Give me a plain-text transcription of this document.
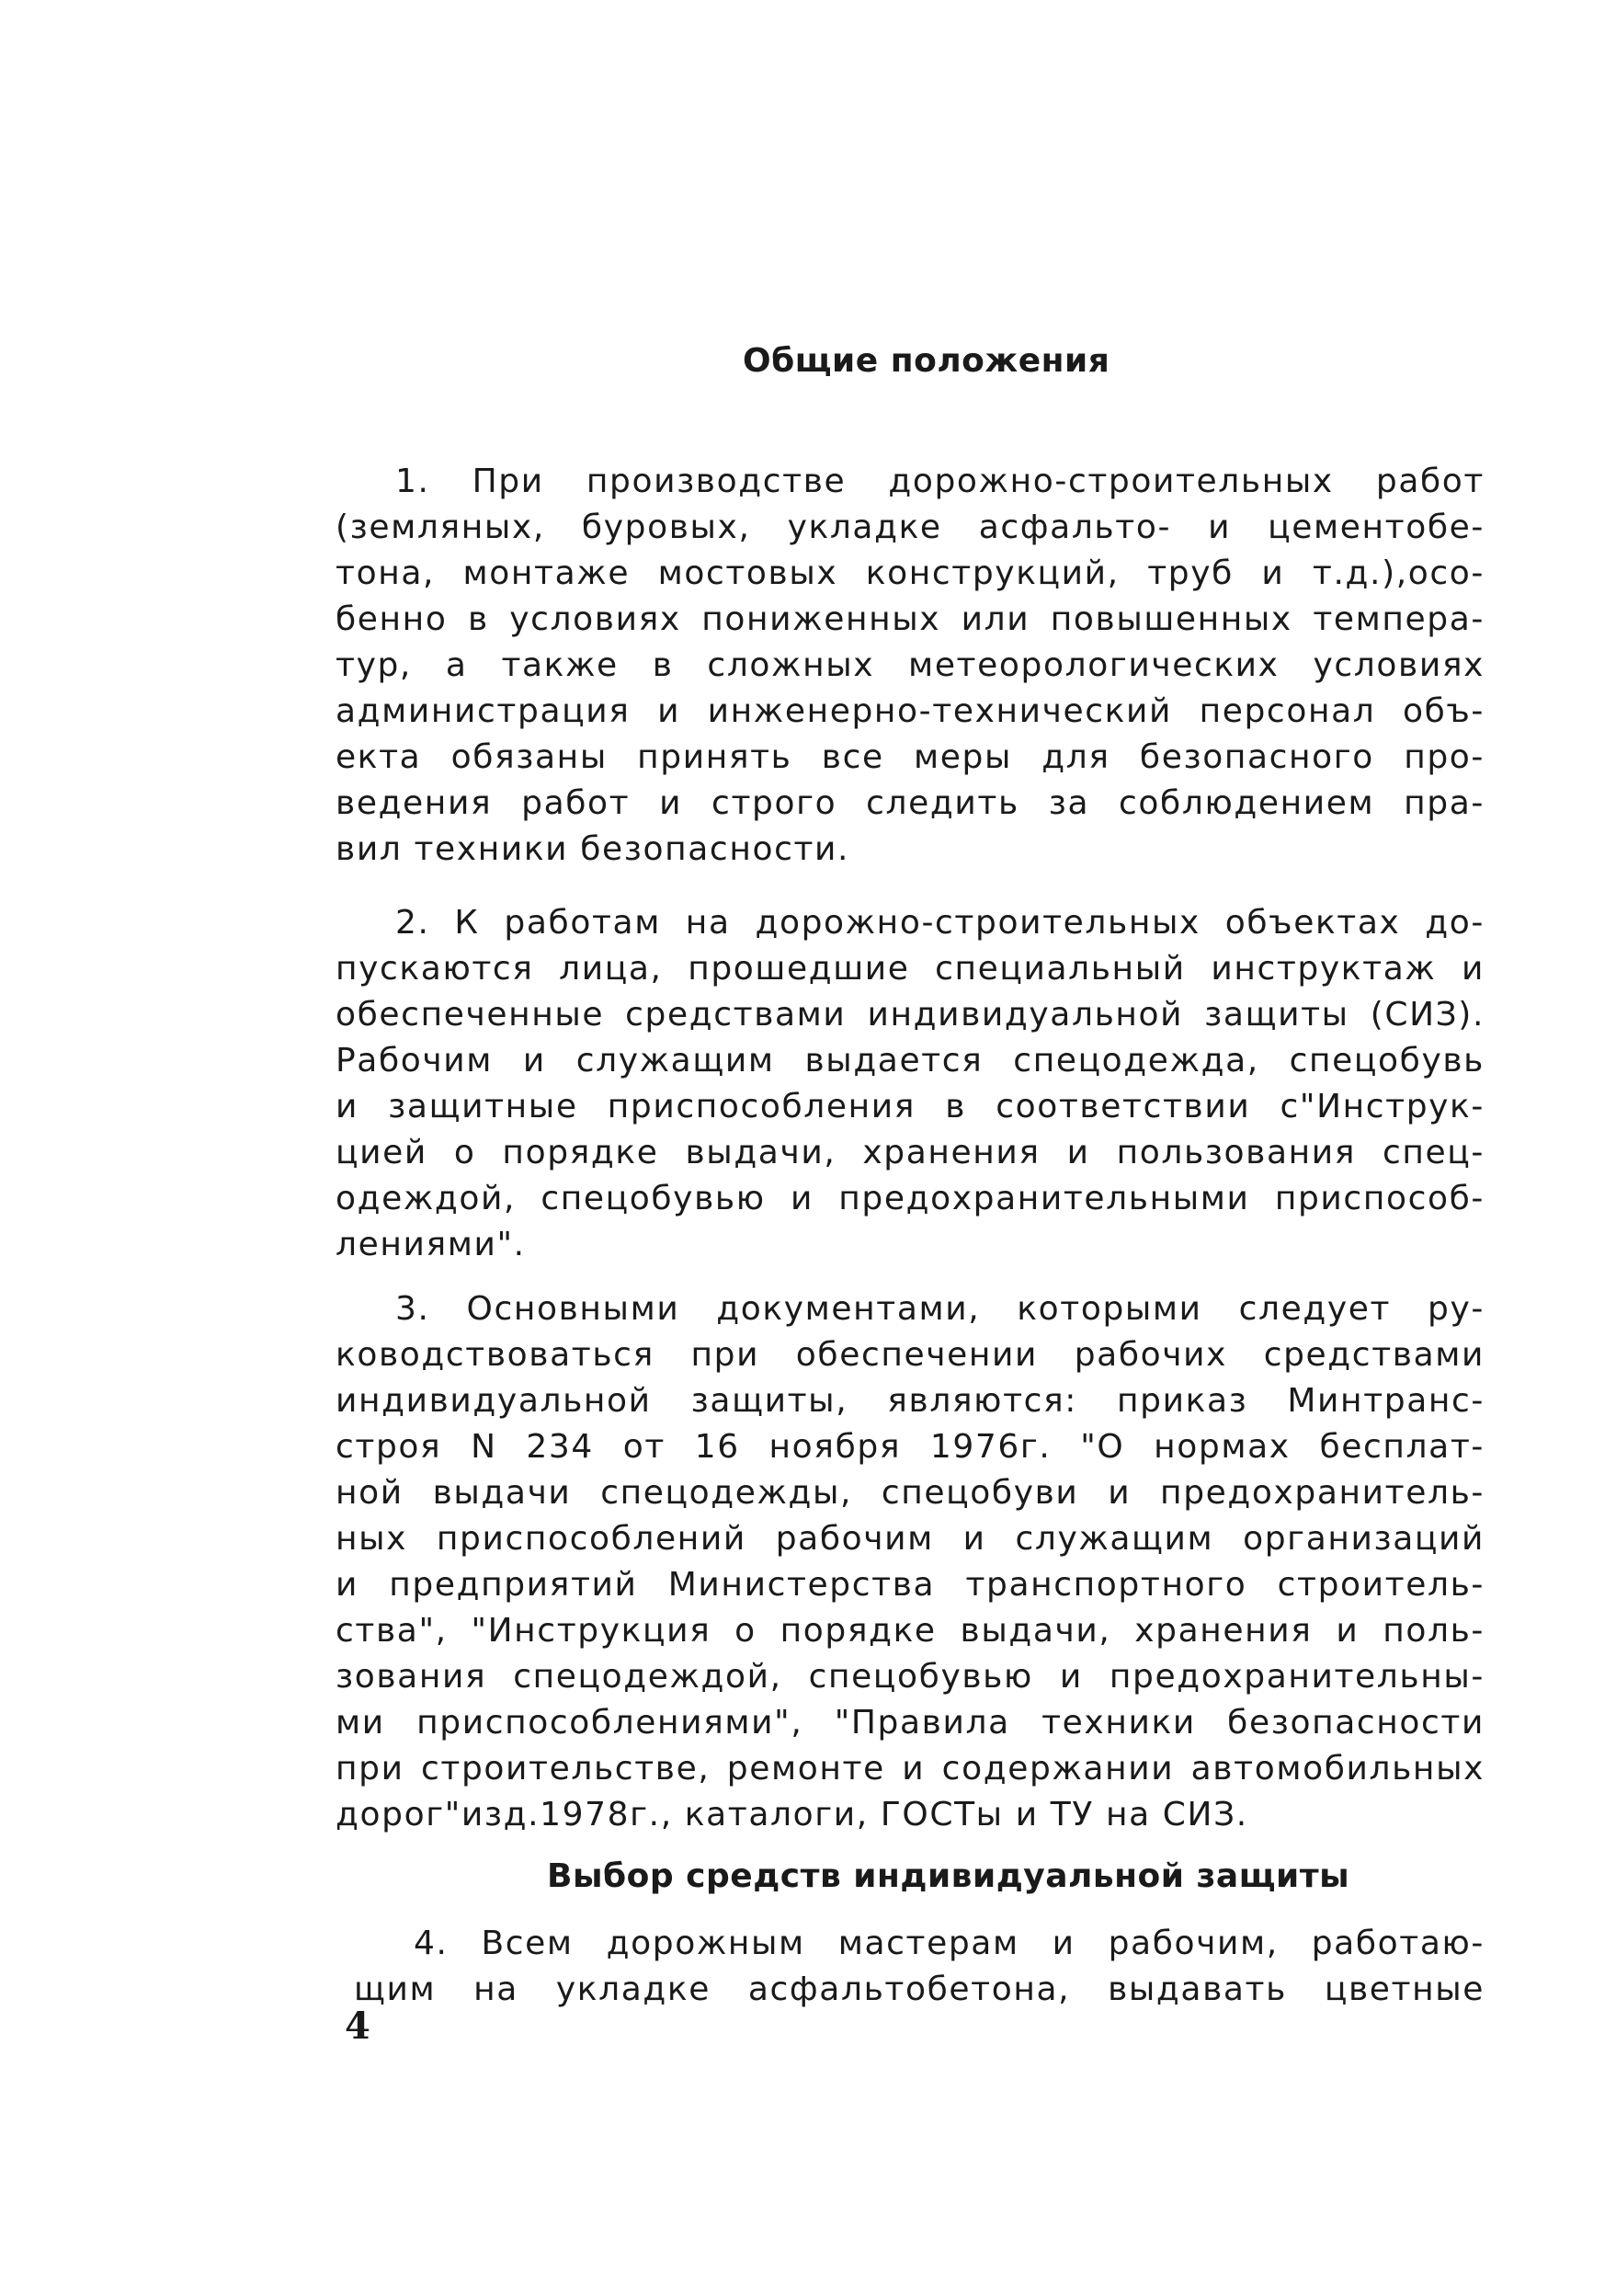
Общие положения
1. При производстве дорожно-строительных работ
(земляных, буровых, укладке асфальто- и цементобе-
тона, монтаже мостовых конструкций, труб и т.д.),осо-
бенно в условиях пониженных или повышенных темпера-
тур, а также в сложных метеорологических условиях
администрация и инженерно-технический персонал объ-
екта обязаны принять все меры для безопасного про-
ведения работ и строго следить за соблюдением пра-
вил техники безопасности.
2. К работам на дорожно-строительных объектах до-
пускаются лица, прошедшие специальный инструктаж и
обеспеченные средствами индивидуальной защиты (СИЗ).
Рабочим и служащим выдается спецодежда, спецобувь
и защитные приспособления в соответствии с"Инструк-
цией о порядке выдачи, хранения и пользования спец-
одеждой, спецобувью и предохранительными приспособ-
лениями".
3. Основными документами, которыми следует ру-
ководствоваться при обеспечении рабочих средствами
индивидуальной защиты, являются: приказ Минтранс-
строя N 234 от 16 ноября 1976г. "О нормах бесплат-
ной выдачи спецодежды, спецобуви и предохранитель-
ных приспособлений рабочим и служащим организаций
и предприятий Министерства транспортного строитель-
ства", "Инструкция о порядке выдачи, хранения и поль-
зования спецодеждой, спецобувью и предохранительны-
ми приспособлениями", "Правила техники безопасности
при строительстве, ремонте и содержании автомобильных
дорог"изд.1978г., каталоги, ГОСТы и ТУ на СИЗ.
Выбор средств индивидуальной защиты
4. Всем дорожным мастерам и рабочим, работаю-
щим на укладке асфальтобетона, выдавать цветные
4
